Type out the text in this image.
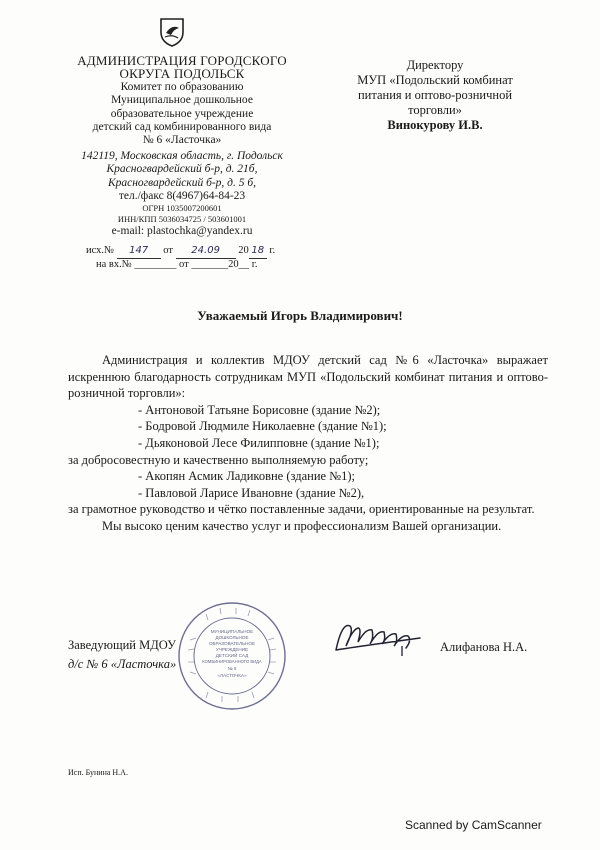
АДМИНИСТРАЦИЯ ГОРОДСКОГО
ОКРУГА ПОДОЛЬСК
Комитет по образованию
Муниципальное дошкольное
образовательное учреждение
детский сад комбинированного вида
№ 6 «Ласточка»
142119, Московская область, г. Подольск
Красногвардейский б-р, д. 21б,
Красногвардейский б-р, д. 5 б,
тел./факс 8(4967)64-84-23
ОГРН 1035007200601
ИНН/КПП 5036034725 / 503601001
e-mail: plastochka@yandex.ru
исх.№ 147 от 24.09 20 18 г.
на вх.№ ________ от _______20__ г.
Директору
МУП «Подольский комбинат
питания и оптово-розничной
торговли»
Винокурову И.В.
Уважаемый Игорь Владимирович!

Администрация и коллектив МДОУ детский сад №6 «Ласточка» выражает искреннюю благодарность сотрудникам МУП «Подольский комбинат питания и оптово-розничной торговли»:

- Антоновой Татьяне Борисовне (здание №2);

- Бодровой Людмиле Николаевне (здание №1);

- Дьяконовой Лесе Филипповне (здание №1);

за добросовестную и качественно выполняемую работу;

- Акопян Асмик Ладиковне (здание №1);

- Павловой Ларисе Ивановне (здание №2),

за грамотное руководство и чётко поставленные задачи, ориентированные на результат.

Мы высоко ценим качество услуг и профессионализм Вашей организации.

Заведующий МДОУ
д/с № 6 «Ласточка»
МУНИЦИПАЛЬНОЕ
ДОШКОЛЬНОЕ
ОБРАЗОВАТЕЛЬНОЕ
УЧРЕЖДЕНИЕ
ДЕТСКИЙ САД
КОМБИНИРОВАННОГО ВИДА
№ 6
«ЛАСТОЧКА»
Алифанова Н.А.
Исп. Бунина Н.А.
Scanned by CamScanner
